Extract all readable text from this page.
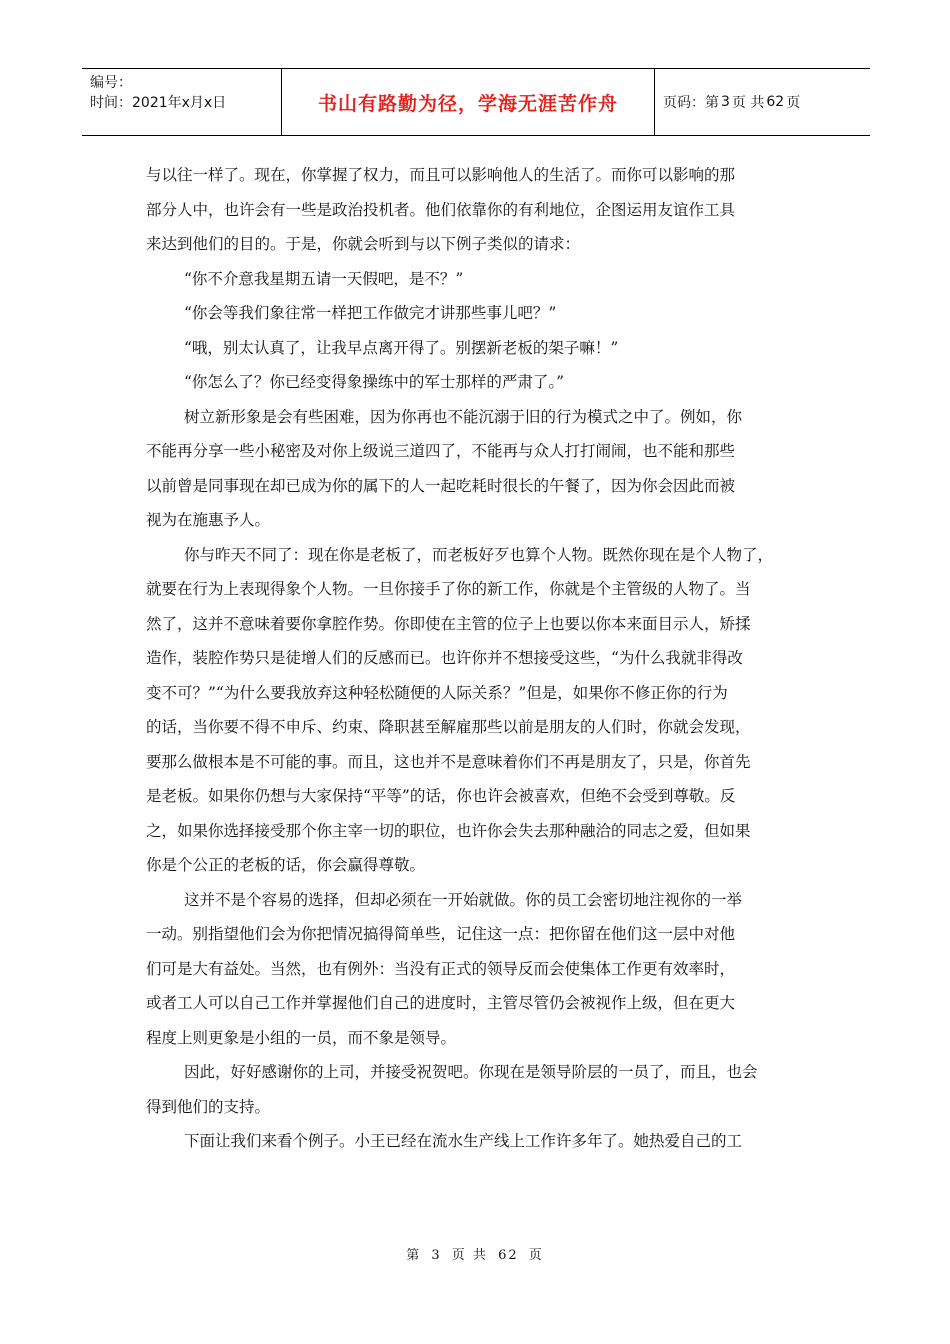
编号：
时间：2021年x月x日	书山有路勤为径，学海无涯苦作舟	页码：第 3 页 共 62 页
与以往一样了。现在，你掌握了权力，而且可以影响他人的生活了。而你可以影响的那
部分人中，也许会有一些是政治投机者。他们依靠你的有利地位，企图运用友谊作工具
来达到他们的目的。于是，你就会听到与以下例子类似的请求：
“你不介意我星期五请一天假吧，是不？”
“你会等我们象往常一样把工作做完才讲那些事儿吧？”
“哦，别太认真了，让我早点离开得了。别摆新老板的架子嘛！”
“你怎么了？你已经变得象操练中的军士那样的严肃了。”
树立新形象是会有些困难，因为你再也不能沉溺于旧的行为模式之中了。例如，你
不能再分享一些小秘密及对你上级说三道四了，不能再与众人打打闹闹，也不能和那些
以前曾是同事现在却已成为你的属下的人一起吃耗时很长的午餐了，因为你会因此而被
视为在施惠予人。
你与昨天不同了：现在你是老板了，而老板好歹也算个人物。既然你现在是个人物了，
就要在行为上表现得象个人物。一旦你接手了你的新工作，你就是个主管级的人物了。当
然了，这并不意味着要你拿腔作势。你即使在主管的位子上也要以你本来面目示人，矫揉
造作，装腔作势只是徒增人们的反感而已。也许你并不想接受这些，“为什么我就非得改
变不可？”“为什么要我放弃这种轻松随便的人际关系？”但是，如果你不修正你的行为
的话，当你要不得不申斥、约束、降职甚至解雇那些以前是朋友的人们时，你就会发现，
要那么做根本是不可能的事。而且，这也并不是意味着你们不再是朋友了，只是，你首先
是老板。如果你仍想与大家保持“平等”的话，你也许会被喜欢，但绝不会受到尊敬。反
之，如果你选择接受那个你主宰一切的职位，也许你会失去那种融洽的同志之爱，但如果
你是个公正的老板的话，你会赢得尊敬。
这并不是个容易的选择，但却必须在一开始就做。你的员工会密切地注视你的一举
一动。别指望他们会为你把情况搞得简单些，记住这一点：把你留在他们这一层中对他
们可是大有益处。当然，也有例外：当没有正式的领导反而会使集体工作更有效率时，
或者工人可以自己工作并掌握他们自己的进度时，主管尽管仍会被视作上级，但在更大
程度上则更象是小组的一员，而不象是领导。
因此，好好感谢你的上司，并接受祝贺吧。你现在是领导阶层的一员了，而且，也会
得到他们的支持。
下面让我们来看个例子。小王已经在流水生产线上工作许多年了。她热爱自己的工
第 3 页 共 62 页
